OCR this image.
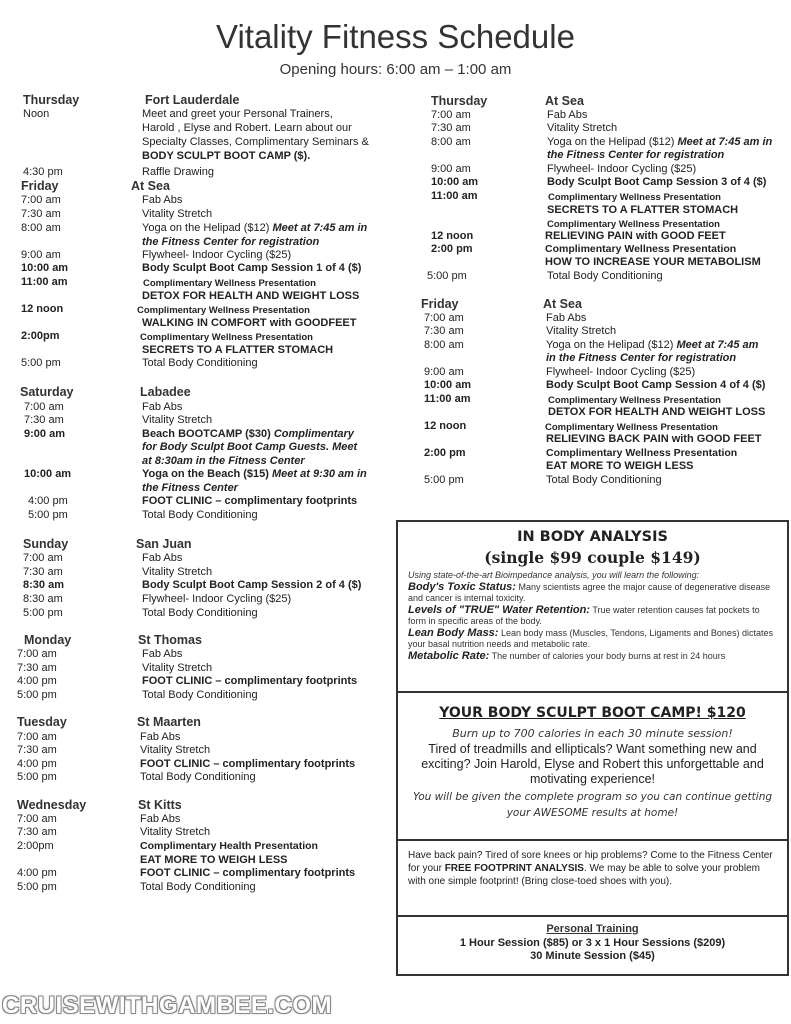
Vitality Fitness Schedule
Opening hours: 6:00 am – 1:00 am
Thursday	Fort Lauderdale
Noon	Meet and greet your Personal Trainers,
Harold , Elyse and Robert. Learn about our
Specialty Classes, Complimentary Seminars &
BODY SCULPT BOOT CAMP ($).
4:30 pm	Raffle Drawing
Friday	At Sea
7:00 am	Fab Abs
7:30 am	Vitality Stretch
8:00 am	Yoga on the Helipad ($12) Meet at 7:45 am in
the Fitness Center for registration
9:00 am	Flywheel- Indoor Cycling ($25)
10:00 am	Body Sculpt Boot Camp Session 1 of 4 ($)
11:00 am	Complimentary Wellness Presentation
DETOX FOR HEALTH AND WEIGHT LOSS
12 noon	Complimentary Wellness Presentation
WALKING IN COMFORT with GOODFEET
2:00pm	Complimentary Wellness Presentation
SECRETS TO A FLATTER STOMACH
5:00 pm	Total Body Conditioning
Saturday	Labadee
7:00 am	Fab Abs
7:30 am	Vitality Stretch
9:00 am	Beach BOOTCAMP ($30) Complimentary
for Body Sculpt Boot Camp Guests. Meet
at 8:30am in the Fitness Center
10:00 am	Yoga on the Beach ($15) Meet at 9:30 am in
the Fitness Center
4:00 pm	FOOT CLINIC – complimentary footprints
5:00 pm	Total Body Conditioning
Sunday	San Juan
7:00 am	Fab Abs
7:30 am	Vitality Stretch
8:30 am	Body Sculpt Boot Camp Session 2 of 4 ($)
8:30 am	Flywheel- Indoor Cycling ($25)
5:00 pm	Total Body Conditioning
Monday	St Thomas
7:00 am	Fab Abs
7:30 am	Vitality Stretch
4:00 pm	FOOT CLINIC – complimentary footprints
5:00 pm	Total Body Conditioning
Tuesday	St Maarten
7:00 am	Fab Abs
7:30 am	Vitality Stretch
4:00 pm	FOOT CLINIC – complimentary footprints
5:00 pm	Total Body Conditioning
Wednesday	St Kitts
7:00 am	Fab Abs
7:30 am	Vitality Stretch
2:00pm	Complimentary Health Presentation
EAT MORE TO WEIGH LESS
4:00 pm	FOOT CLINIC – complimentary footprints
5:00 pm	Total Body Conditioning
Thursday	At Sea
7:00 am	Fab Abs
7:30 am	Vitality Stretch
8:00 am	Yoga on the Helipad ($12) Meet at 7:45 am in
the Fitness Center for registration
9:00 am	Flywheel- Indoor Cycling ($25)
10:00 am	Body Sculpt Boot Camp Session 3 of 4 ($)
11:00 am	Complimentary Wellness Presentation
SECRETS TO A FLATTER STOMACH
Complimentary Wellness Presentation
12 noon	RELIEVING PAIN with GOOD FEET
2:00 pm	Complimentary Wellness Presentation
HOW TO INCREASE YOUR METABOLISM
5:00 pm	Total Body Conditioning
Friday	At Sea
7:00 am	Fab Abs
7:30 am	Vitality Stretch
8:00 am	Yoga on the Helipad ($12) Meet at 7:45 am
in the Fitness Center for registration
9:00 am	Flywheel- Indoor Cycling ($25)
10:00 am	Body Sculpt Boot Camp Session 4 of 4 ($)
11:00 am	Complimentary Wellness Presentation
DETOX FOR HEALTH AND WEIGHT LOSS
12 noon	Complimentary Wellness Presentation
RELIEVING BACK PAIN with GOOD FEET
2:00 pm	Complimentary Wellness Presentation
EAT MORE TO WEIGH LESS
5:00 pm	Total Body Conditioning
IN BODY ANALYSIS
(single $99 couple $149)

Using state-of-the-art Bioimpedance analysis, you will learn the following:

Body's Toxic Status: Many scientists agree the major cause of degenerative disease and cancer is internal toxicity.

Levels of "TRUE" Water Retention: True water retention causes fat pockets to form in specific areas of the body.

Lean Body Mass: Lean body mass (Muscles, Tendons, Ligaments and Bones) dictates your basal nutrition needs and metabolic rate.

Metabolic Rate: The number of calories your body burns at rest in 24 hours

YOUR BODY SCULPT BOOT CAMP! $120
Burn up to 700 calories in each 30 minute session!
Tired of treadmills and ellipticals? Want something new and exciting? Join Harold, Elyse and Robert this unforgettable and motivating experience!
You will be given the complete program so you can continue getting your AWESOME results at home!

Have back pain? Tired of sore knees or hip problems? Come to the Fitness Center for your FREE FOOTPRINT ANALYSIS. We may be able to solve your problem with one simple footprint! (Bring close-toed shoes with you).

Personal Training
1 Hour Session ($85) or 3 x 1 Hour Sessions ($209)
30 Minute Session ($45)
CRUISEWITHGAMBEE.COM
